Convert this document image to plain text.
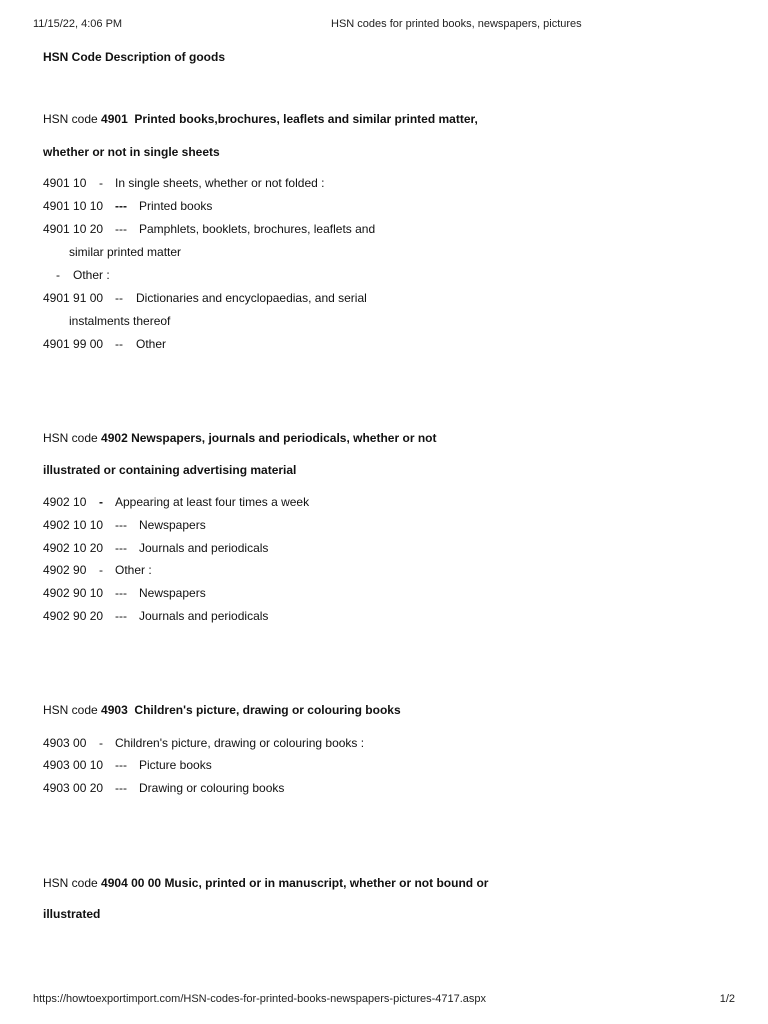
11/15/22, 4:06 PM	HSN codes for printed books, newspapers, pictures
HSN Code Description of goods
HSN code 4901 Printed books,brochures, leaflets and similar printed matter,
whether or not in single sheets
4901 10 - In single sheets, whether or not folded :
4901 10 10 --- Printed books
4901 10 20 --- Pamphlets, booklets, brochures, leaflets and
similar printed matter
- Other :
4901 91 00 -- Dictionaries and encyclopaedias, and serial
instalments thereof
4901 99 00 -- Other
HSN code 4902 Newspapers, journals and periodicals, whether or not
illustrated or containing advertising material
4902 10 - Appearing at least four times a week
4902 10 10 --- Newspapers
4902 10 20 --- Journals and periodicals
4902 90 - Other :
4902 90 10 --- Newspapers
4902 90 20 --- Journals and periodicals
HSN code 4903 Children's picture, drawing or colouring books
4903 00 - Children's picture, drawing or colouring books :
4903 00 10 --- Picture books
4903 00 20 --- Drawing or colouring books
HSN code 4904 00 00 Music, printed or in manuscript, whether or not bound or
illustrated
https://howtoexportimport.com/HSN-codes-for-printed-books-newspapers-pictures-4717.aspx	1/2
